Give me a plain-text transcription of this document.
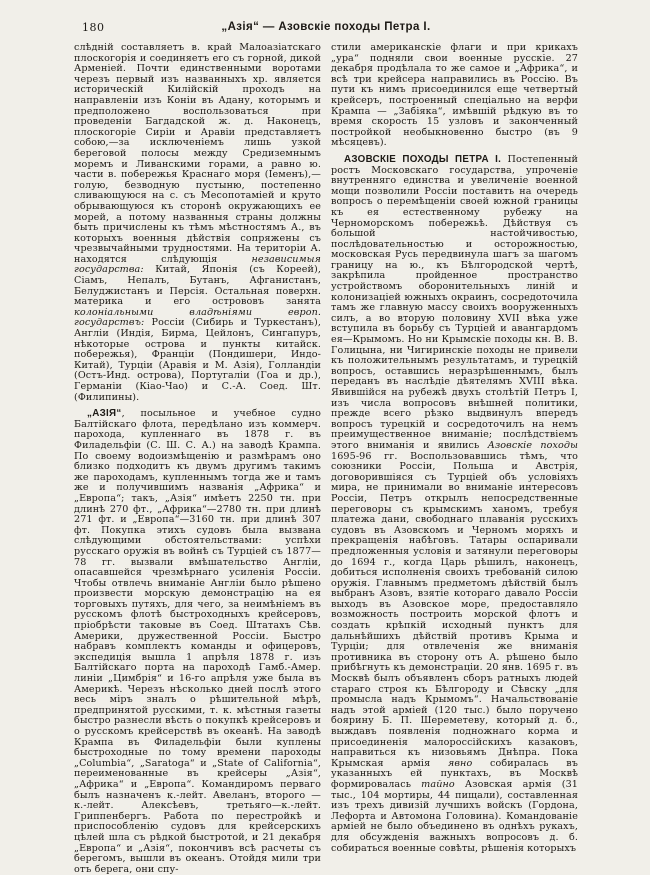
180	„Азія“ — Азовскіе походы Петра I.

слѣдній составляетъ в. край Малоазіатскаго плоскогорія и соединяетъ его съ горной, дикой Арменіей. Почти единственными воротами черезъ первый изъ названныхъ хр. является историческій Килійскій проходъ на направленіи изъ Коніи въ Адану, которымъ и предположено воспользоваться при проведеніи Багдадской ж. д. Наконецъ, плоскогоріе Сиріи и Аравіи представляетъ собою,—за исключеніемъ лишь узкой береговой полосы между Средиземнымъ моремъ и Ливанскими горами, а равно ю. части в. побережья Краснаго моря (Іеменъ),—голую, безводную пустыню, постепенно сливающуюся на с. съ Месопотаміей и круто обрывающуюся къ сторонѣ окружающихъ ее морей, а потому названныя страны должны быть причислены къ тѣмъ мѣстностямъ А., въ которыхъ военныя дѣйствія сопряжены съ чрезвычайными трудностями. На територіи А. находятся слѣдующія независимыя государства: Китай, Японія (съ Кореей), Сіамъ, Непалъ, Бутанъ, Афганистанъ, Белуджистанъ и Персія. Остальная поверхн. материка и его острововъ занята колоніальными владѣніями европ. государствъ: Россіи (Сибирь и Туркестанъ), Англіи (Индія, Бирма, Цейлонъ, Сингапуръ, нѣкоторые острова и пункты китайск. побережья), Франціи (Пондишери, Индо-Китай), Турціи (Аравія и М. Азія), Голландіи (Остъ-Инд. острова), Португаліи (Гоа и др.), Германіи (Кіао-Чао) и С.-А. Соед. Шт. (Филипины).

„АЗІЯ“, посыльное и учебное судно Балтійскаго флота, передѣлано изъ коммерч. парохода, купленнаго въ 1878 г. въ Филадельфіи (С. Ш. С. А.) на заводѣ Крампа. По своему водоизмѣщенію и размѣрамъ оно близко подходитъ къ двумъ другимъ такимъ же пароходамъ, купленнымъ тогда же и тамъ же и получившимъ названія „Африка“ и „Европа“; такъ, „Азія“ имѣетъ 2250 тн. при длинѣ 270 фт., „Африка“—2780 тн. при длинѣ 271 фт. и „Европа“—3160 тн. при длинѣ 307 фт. Покупка этихъ судовъ была вызвана слѣдующими обстоятельствами: успѣхи русскаго оружія въ войнѣ съ Турціей съ 1877—78 гг. вызвали вмѣшательство Англіи, опасавшейся чрезмѣрнаго усиленія Россіи. Чтобы отвлечь вниманіе Англіи было рѣшено произвести морскую демонстрацію на ея торговыхъ путяхъ, для чего, за неимѣніемъ въ русскомъ флотѣ быстроходныхъ крейсеровъ, пріобрѣсти таковые въ Соед. Штатахъ Сѣв. Америки, дружественной Россіи. Быстро набравъ комплектъ команды и офицеровъ, экспедиція вышла 1 апрѣля 1878 г. изъ Балтійскаго порта на пароходѣ Гамб.-Амер. линіи „Цимбрія“ и 16-го апрѣля уже была въ Америкѣ. Черезъ нѣсколько дней послѣ этого весь міръ зналъ о рѣшительной мѣрѣ, предпринятой русскими, т. к. мѣстныя газеты быстро разнесли вѣсть о покупкѣ крейсеровъ и о русскомъ крейсерствѣ въ океанѣ. На заводѣ Крампа въ Филадельфіи были куплены быстроходные по тому времени пароходы „Columbia“, „Saratoga“ и „State of California“, переименованные въ крейсеры „Азія“, „Африка“ и „Европа“. Командиромъ перваго былъ назначенъ к.-лейт. Авеланъ, второго — к.-лейт. Алексѣевъ, третьяго—к.-лейт. Гриппенбергъ. Работа по перестройкѣ и приспособленію судовъ для крейсерскихъ цѣлей шла съ рѣдкой быстротой, и 21 декабря „Европа“ и „Азія“, покончивъ всѣ расчеты съ берегомъ, вышли въ океанъ. Отойдя мили три отъ берега, они спу-

стили американскіе флаги и при крикахъ „ура“ подняли свои военные русскіе. 27 декабря продѣлала то же самое и „Африка“, и всѣ три крейсера направились въ Россію. Въ пути къ нимъ присоединился еще четвертый крейсеръ, построенный спеціально на верфи Крампа — „Забіяка“, имѣвшій рѣдкую въ то время скорость 15 узловъ и законченный постройкой необыкновенно быстро (въ 9 мѣсяцевъ).

АЗОВСКІЕ ПОХОДЫ ПЕТРА I. Постепенный ростъ Московскаго государства, упроченіе внутренняго единства и увеличеніе военной мощи позволили Россіи поставить на очередь вопросъ о перемѣщеніи своей южной границы къ ея естественному рубежу на Черноморскомъ побережьѣ. Дѣйствуя съ большой настойчивостью, послѣдовательностью и осторожностью, московская Русь передвинула шагъ за шагомъ границу на ю., къ Бѣлгородской чертѣ, закрѣпила пройденное пространство устройствомъ оборонительныхъ линій и колонизаціей южныхъ окраинъ, сосредоточила тамъ же главную массу своихъ вооруженныхъ силъ, а во вторую половину XVII вѣка уже вступила въ борьбу съ Турціей и авангардомъ ея—Крымомъ. Но ни Крымскіе походы кн. В. В. Голицына, ни Чигиринскіе походы не привели къ положительнымъ результатамъ, и турецкій вопросъ, оставшись неразрѣшеннымъ, былъ переданъ въ наслѣдіе дѣятелямъ XVIII вѣка. Явившійся на рубежѣ двухъ столѣтій Петръ I, изъ числа вопросовъ внѣшней политики, прежде всего рѣзко выдвинулъ впередъ вопросъ турецкій и сосредоточилъ на немъ преимущественное вниманіе; послѣдствіемъ этого вниманія и явились Азовскіе походы 1695-96 гг. Воспользовавшись тѣмъ, что союзники Россіи, Польша и Австрія, договорившіяся съ Турціей объ условіяхъ мира, не принимали во вниманіе интересовъ Россіи, Петръ открылъ непосредственные переговоры съ крымскимъ ханомъ, требуя платежа дани, свободнаго плаванія русскихъ судовъ въ Азовскомъ и Черномъ моряхъ и прекращенія набѣговъ. Татары оспаривали предложенныя условія и затянули переговоры до 1694 г., когда Царь рѣшилъ, наконецъ, добиться исполненія своихъ требованій силою оружія. Главнымъ предметомъ дѣйствій былъ выбранъ Азовъ, взятіе котораго давало Россіи выходъ въ Азовское море, предоставляло возможность построить морской флотъ и создать крѣпкій исходный пунктъ для дальнѣйшихъ дѣйствій противъ Крыма и Турціи; для отвлеченія же вниманія противника въ сторону отъ А. рѣшено было прибѣгнуть къ демонстраціи. 20 янв. 1695 г. въ Москвѣ былъ объявленъ сборъ ратныхъ людей стараго строя къ Бѣлгороду и Сѣвску „для промысла надъ Крымомъ“. Начальствованіе надъ этой арміей (120 тыс.) было поручено боярину Б. П. Шереметеву, который д. б., выждавъ появленія подножнаго корма и присоединенія малороссійскихъ казаковъ, направиться къ низовьямъ Днѣпра. Пока Крымская армія явно собиралась въ указанныхъ ей пунктахъ, въ Москвѣ формировалась тайно Азовская армія (31 тыс., 104 мортиры, 44 пищали), составленная изъ трехъ дивизій лучшихъ войскъ (Гордона, Лефорта и Автомона Головина). Командованіе арміей не было объединено въ однѣхъ рукахъ, для обсужденія важныхъ вопросовъ д. б. собираться военные совѣты, рѣшенія которыхъ
